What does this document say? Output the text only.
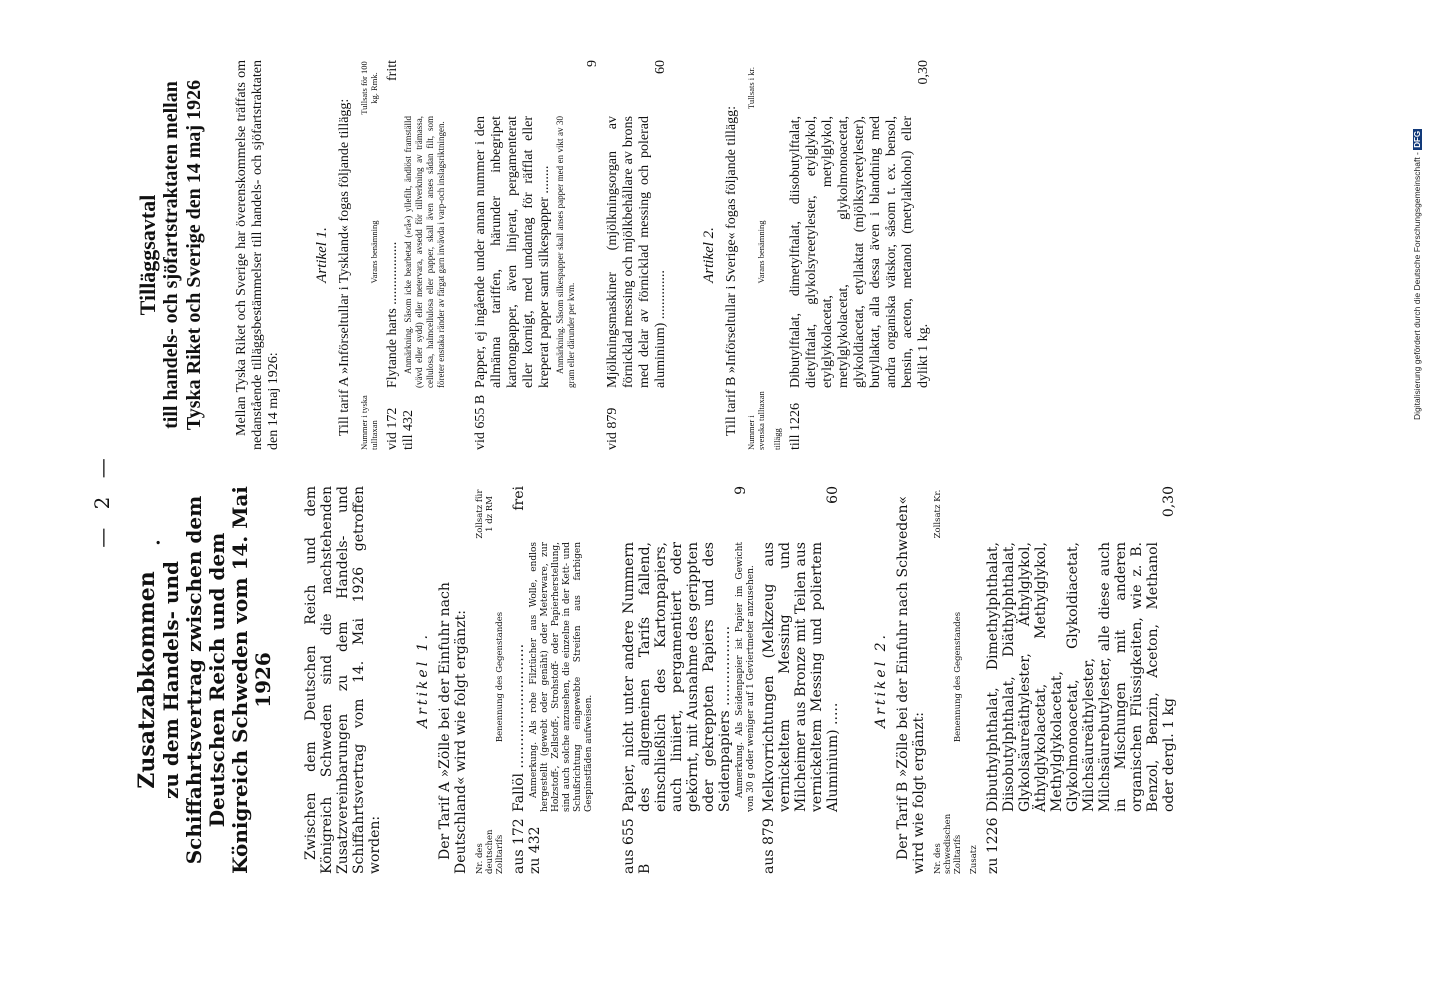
— 2 —	•
Zusatzabkommen zu dem Handels- und Schiffahrtsvertrag zwischen dem Deutschen Reich und dem Königreich Schweden vom 14. Mai 1926 Zwischen dem Deutschen Reich und dem Königreich Schweden sind die nachstehenden Zusatzvereinbarungen zu dem Handels- und Schiffahrtsvertrag vom 14. Mai 1926 getroffen worden:

Artikel 1. Der Tarif A »Zölle bei der Einfuhr nach Deutschland« wird wie folgt ergänzt: Nr. des deutschen Zolltarifs
Benennung des Gegenstandes
Zollsatz für 1 dz RM
aus 172
zu 432
Fallöl ............................ Anmerkung. Als rohe Filztücher aus Wolle, endlos hergestellt (gewebt oder genäht) oder Meterware, zur Holzstoff-, Zellstoff-, Strohstoff- oder Papierherstellung, sind auch solche anzusehen, die einzelne in der Kett- und Schußrichtung eingewebte Streifen aus farbigen Gespinstfäden aufweisen.
frei
aus 655 B
Papier, nicht unter andere Nummern des allgemeinen Tarifs fallend, einschließlich des Kartonpapiers, auch liniiert, pergamentiert oder gekörnt, mit Ausnahme des gerippten oder gekreppten Papiers und des Seidenpapiers .................. Anmerkung. Als Seidenpapier ist Papier im Gewicht von 30 g oder weniger auf 1 Geviertmeter anzusehen.
9
aus 879
Melkvorrichtungen (Melkzeug aus vernickeltem Messing und Milcheimer aus Bronze mit Teilen aus vernickeltem Messing und poliertem Aluminium) .....
60
Artikel 2. Der Tarif B »Zölle bei der Einfuhr nach Schweden« wird wie folgt ergänzt: Nr. des schwedischen Zolltarifs
Benennung des Gegenstandes
Zollsatz Kr.
Zusatz zu 1226
Dibuthylphthalat, Dimethylphthalat, Diisobutylphthalat, Diäthylphthalat, Glykolsäureäthylester, Äthylglykol, Äthylglykolacetat, Methylglykol, Methylglykolacetat, Glykolmonoacetat, Glykoldiacetat, Milchsäureäthylester, Milchsäurebutylester, alle diese auch in Mischungen mit anderen organischen Flüssigkeiten, wie z. B. Benzol, Benzin, Aceton, Methanol oder dergl. 1 kg
0,30
Tilläggsavtal till handels- och sjöfartstraktaten mellan Tyska Riket och Sverige den 14 maj 1926 Mellan Tyska Riket och Sverige har överenskommelse träffats om nedanstående tilläggsbestämmelser till handels- och sjöfartstraktaten den 14 maj 1926:

Artikel 1. Till tarif A »Införseltullar i Tyskland« fogas följande tillägg: Nummer i tyska tulltaxan
Varans benämning
Tullsats för 100 kg. Rmk.
vid 172
till 432
Flytande harts .................. Anmärkning. Såsom icke bearbetad (»rå«) yllefilt, ändlöst framställd (vävd eller sydd) eller metervara, avsedd för tillverkning av trämassa, cellulosa, halmcellulosa eller papper, skall även anses sådan filt, som företer enstaka ränder av färgat garn invävda i varp-och inslagsriktningen.
fritt
vid 655 B
Papper, ej ingående under annan nummer i den allmänna tariffen, härunder inbegripet kartongpapper, även linjerat, pergamenterat eller kornigt, med undantag för räfflat eller kreperat papper samt silkespapper ........ Anmärkning. Såsom silkespapper skall anses papper med en vikt av 30 gram eller därunder per kvm.
9
vid 879
Mjölkningsmaskiner (mjölkningsorgan av förnicklad messing och mjölkbehållare av brons med delar av förnicklad messing och polerad aluminium) ..............
60
Artikel 2. Till tarif B »Införseltullar i Sverige« fogas följande tillägg: Nummer i svenska tulltaxan
Varans benämning
Tullsats i kr.
tillägg till 1226
Dibutylftalat, dimetylftalat, diisobutylftalat, dietylftalat, glykolsyreetylester, etylglykol, etylglykolacetat, metylglykol, metylglykolacetat, glykolmonoacetat, glykoldiacetat, etyllaktat (mjölksyreetylester), butyllaktat, alla dessa även i blandning med andra organiska vätskor, såsom t. ex. bensol, bensin, aceton, metanol (metylalkohol) eller dylikt 1 kg.
0,30
Digitalisierung gefördert durch die Deutsche Forschungsgemeinschaft - DFG
